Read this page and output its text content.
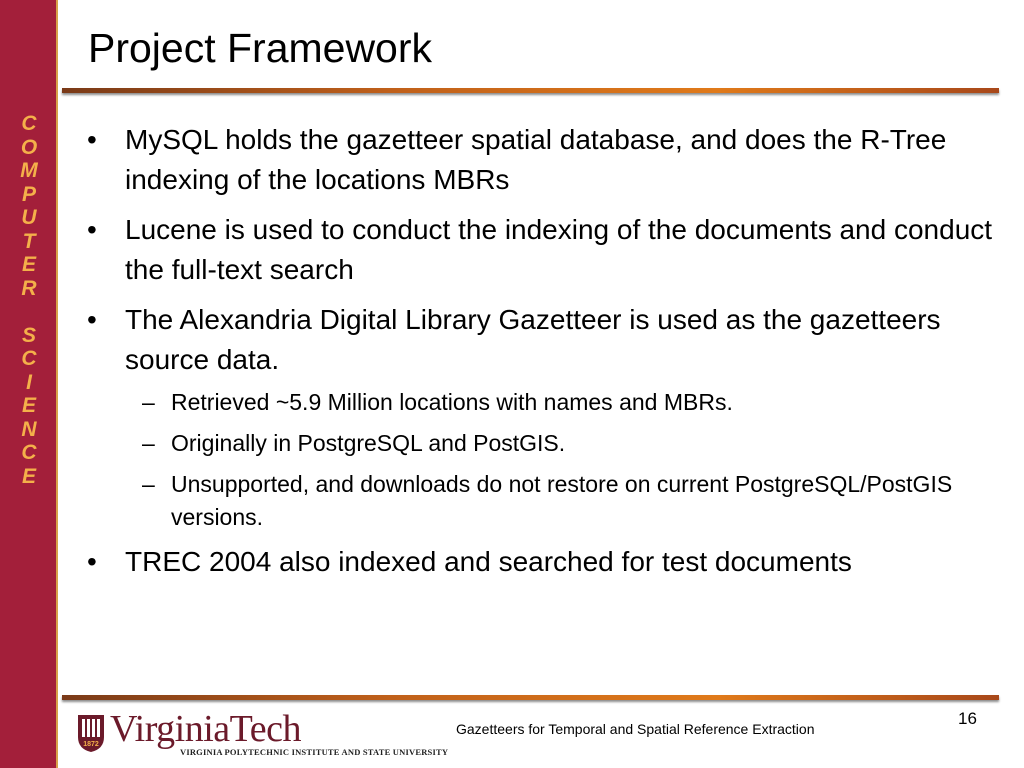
C
O
M
P
U
T
E
R
S
C
I
E
N
C
E
Project Framework
• MySQL holds the gazetteer spatial database, and does the R-Tree indexing of the locations MBRs
• Lucene is used to conduct the indexing of the documents and conduct the full-text search
• The Alexandria Digital Library Gazetteer is used as the gazetteers source data.
– Retrieved ~5.9 Million locations with names and MBRs.
– Originally in PostgreSQL and PostGIS.
– Unsupported, and downloads do not restore on current PostgreSQL/PostGIS versions.
• TREC 2004 also indexed and searched for test documents
1872 VirginiaTech
VIRGINIA POLYTECHNIC INSTITUTE AND STATE UNIVERSITY
Gazetteers for Temporal and Spatial Reference Extraction
16
